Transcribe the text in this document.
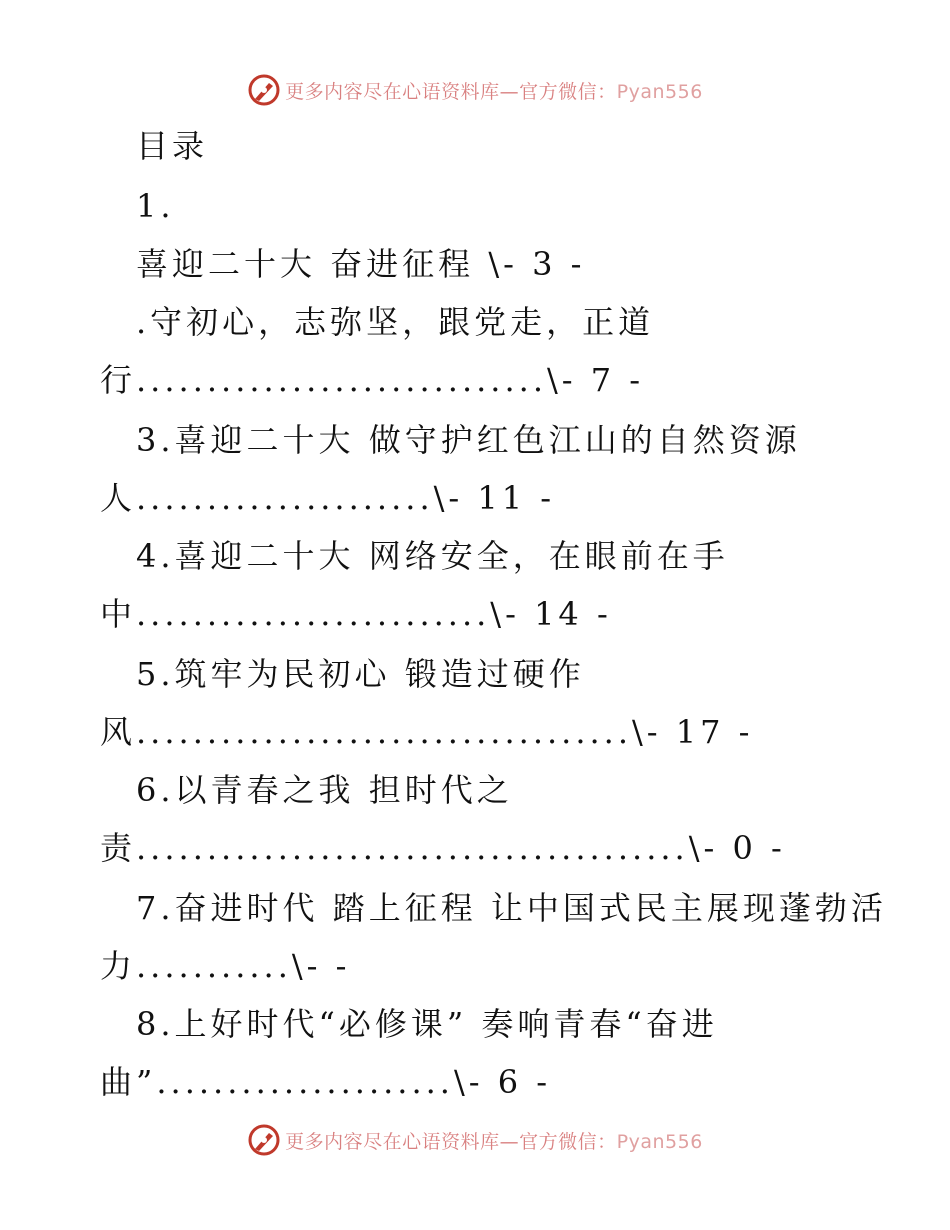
更多内容尽在心语资料库—官方微信：Pyan556
目录
1.
喜迎二十大 奋进征程 \- 3 -
.守初心，志弥坚，跟党走，正道
行.............................\- 7 -
3.喜迎二十大 做守护红色江山的自然资源
人.....................\- 11 -
4.喜迎二十大 网络安全，在眼前在手
中.........................\- 14 -
5.筑牢为民初心 锻造过硬作
风...................................\- 17 -
6.以青春之我 担时代之
责.......................................\- 0 -
7.奋进时代 踏上征程 让中国式民主展现蓬勃活
力...........\- -
8.上好时代“必修课” 奏响青春“奋进
曲”.....................\- 6 -
更多内容尽在心语资料库—官方微信：Pyan556
